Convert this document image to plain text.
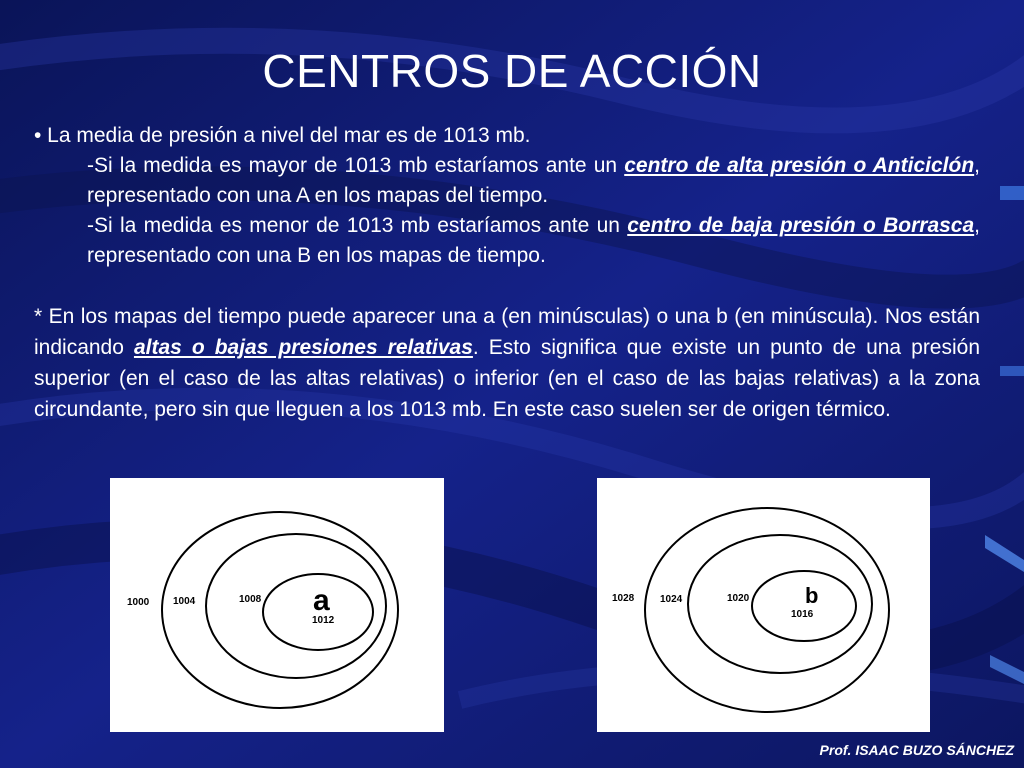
CENTROS DE ACCIÓN
• La media de presión a nivel del mar es de 1013 mb.
-Si la medida es mayor de 1013 mb estaríamos ante un centro de alta presión o Anticiclón, representado con una A en los mapas del tiempo.
-Si la medida es menor de 1013 mb estaríamos ante un centro de baja presión o Borrasca, representado con una B en los mapas de tiempo.
* En los mapas del tiempo puede aparecer una a (en minúsculas) o una b (en minúscula). Nos están indicando altas o bajas presiones relativas. Esto significa que existe un punto de una presión superior (en el caso de las altas relativas) o inferior (en el caso de las bajas relativas) a la zona circundante, pero sin que lleguen a los 1013 mb. En este caso suelen ser de origen térmico.
1000 1004	1008
1012
a	1028	1024	1020
1016
b
Prof. ISAAC BUZO SÁNCHEZ
